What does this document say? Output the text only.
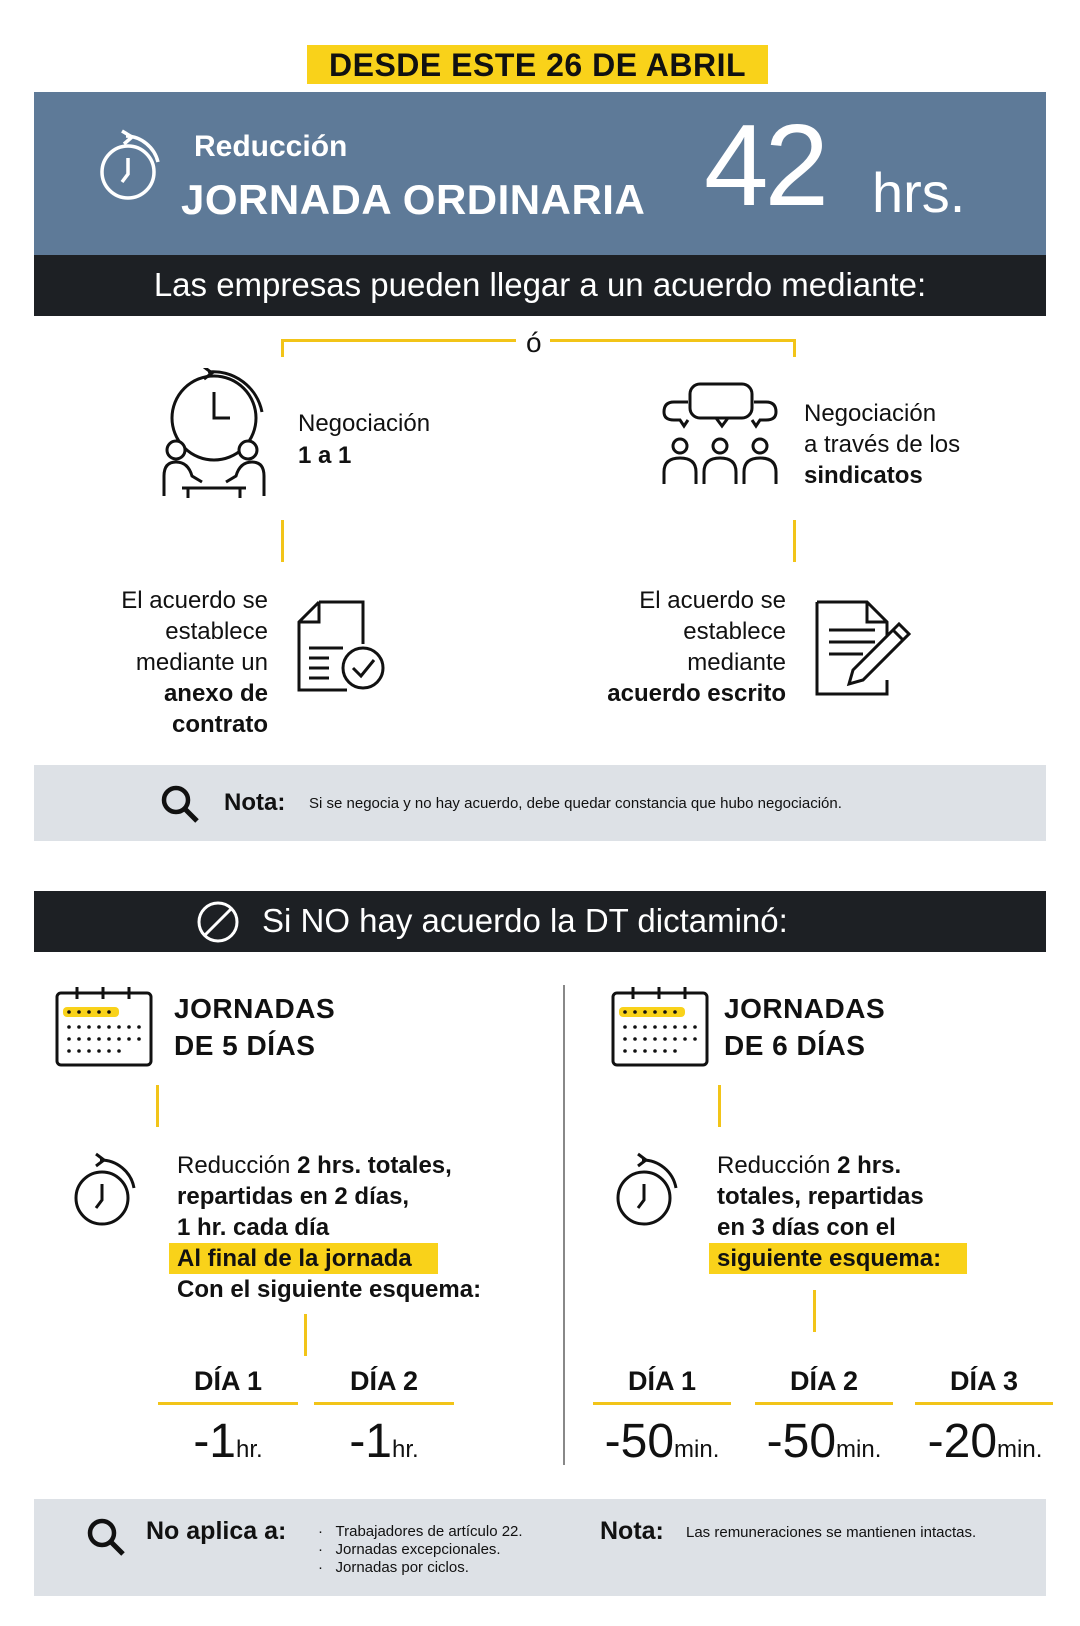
DESDE ESTE 26 DE ABRIL
Reducción
JORNADA ORDINARIA 42 hrs.
Las empresas pueden llegar a un acuerdo mediante:
ó
Negociación
1 a 1
El acuerdo se
establece
mediante un
anexo de
contrato
Negociación
a través de los
sindicatos
El acuerdo se
establece
mediante
acuerdo escrito
Nota: Si se negocia y no hay acuerdo, debe quedar constancia que hubo negociación.
Si NO hay acuerdo la DT dictaminó:
JORNADAS
DE 5 DÍAS
Reducción 2 hrs. totales,
repartidas en 2 días,
1 hr. cada día
Al final de la jornada
Con el siguiente esquema:
DÍA 1
-1hr.
DÍA 2
-1hr.
JORNADAS
DE 6 DÍAS
Reducción 2 hrs.
totales, repartidas
en 3 días con el
siguiente esquema:
DÍA 1
-50min.
DÍA 2
-50min.
DÍA 3
-20min.
No aplica a: ·   Trabajadores de artículo 22.
·   Jornadas excepcionales.
·   Jornadas por ciclos.
Nota: Las remuneraciones se mantienen intactas.
